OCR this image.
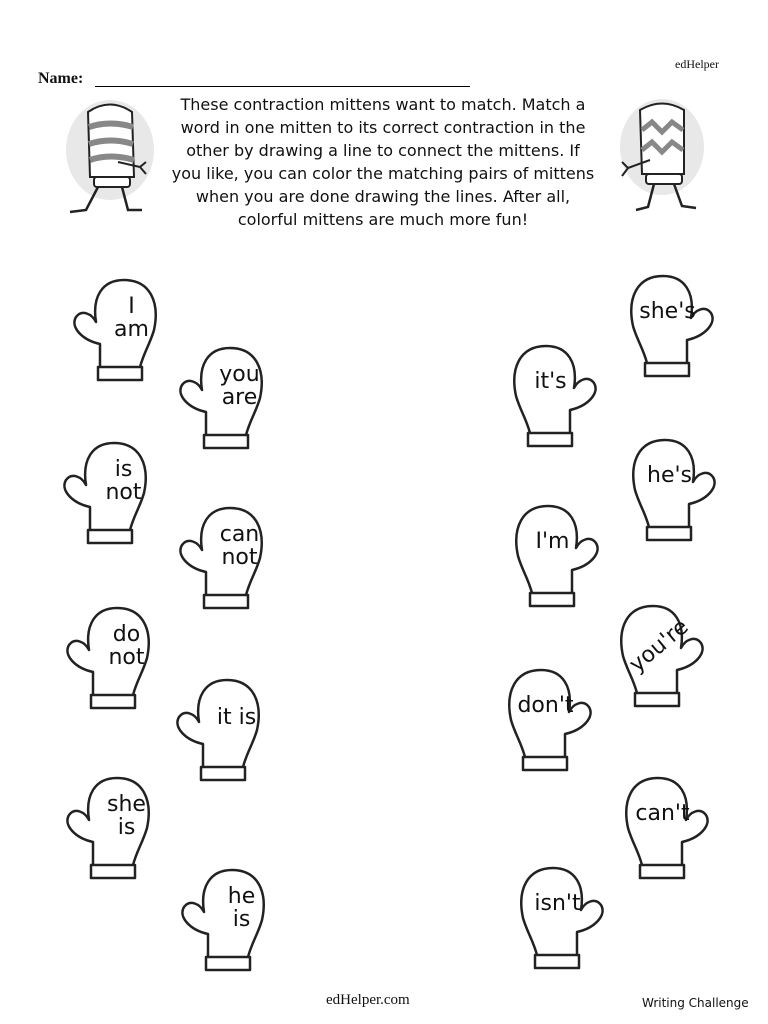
edHelper
Name:
These contraction mittens want to match. Match a
word in one mitten to its correct contraction in the
other by drawing a line to connect the mittens. If
you like, you can color the matching pairs of mittens
when you are done drawing the lines. After all,
colorful mittens are much more fun!
I
am
you
are
is
not
can
not
do
not
it is
she
is
he
is
she's
it's
he's
I'm
you're
don't
can't
isn't
edHelper.com	Writing Challenge
